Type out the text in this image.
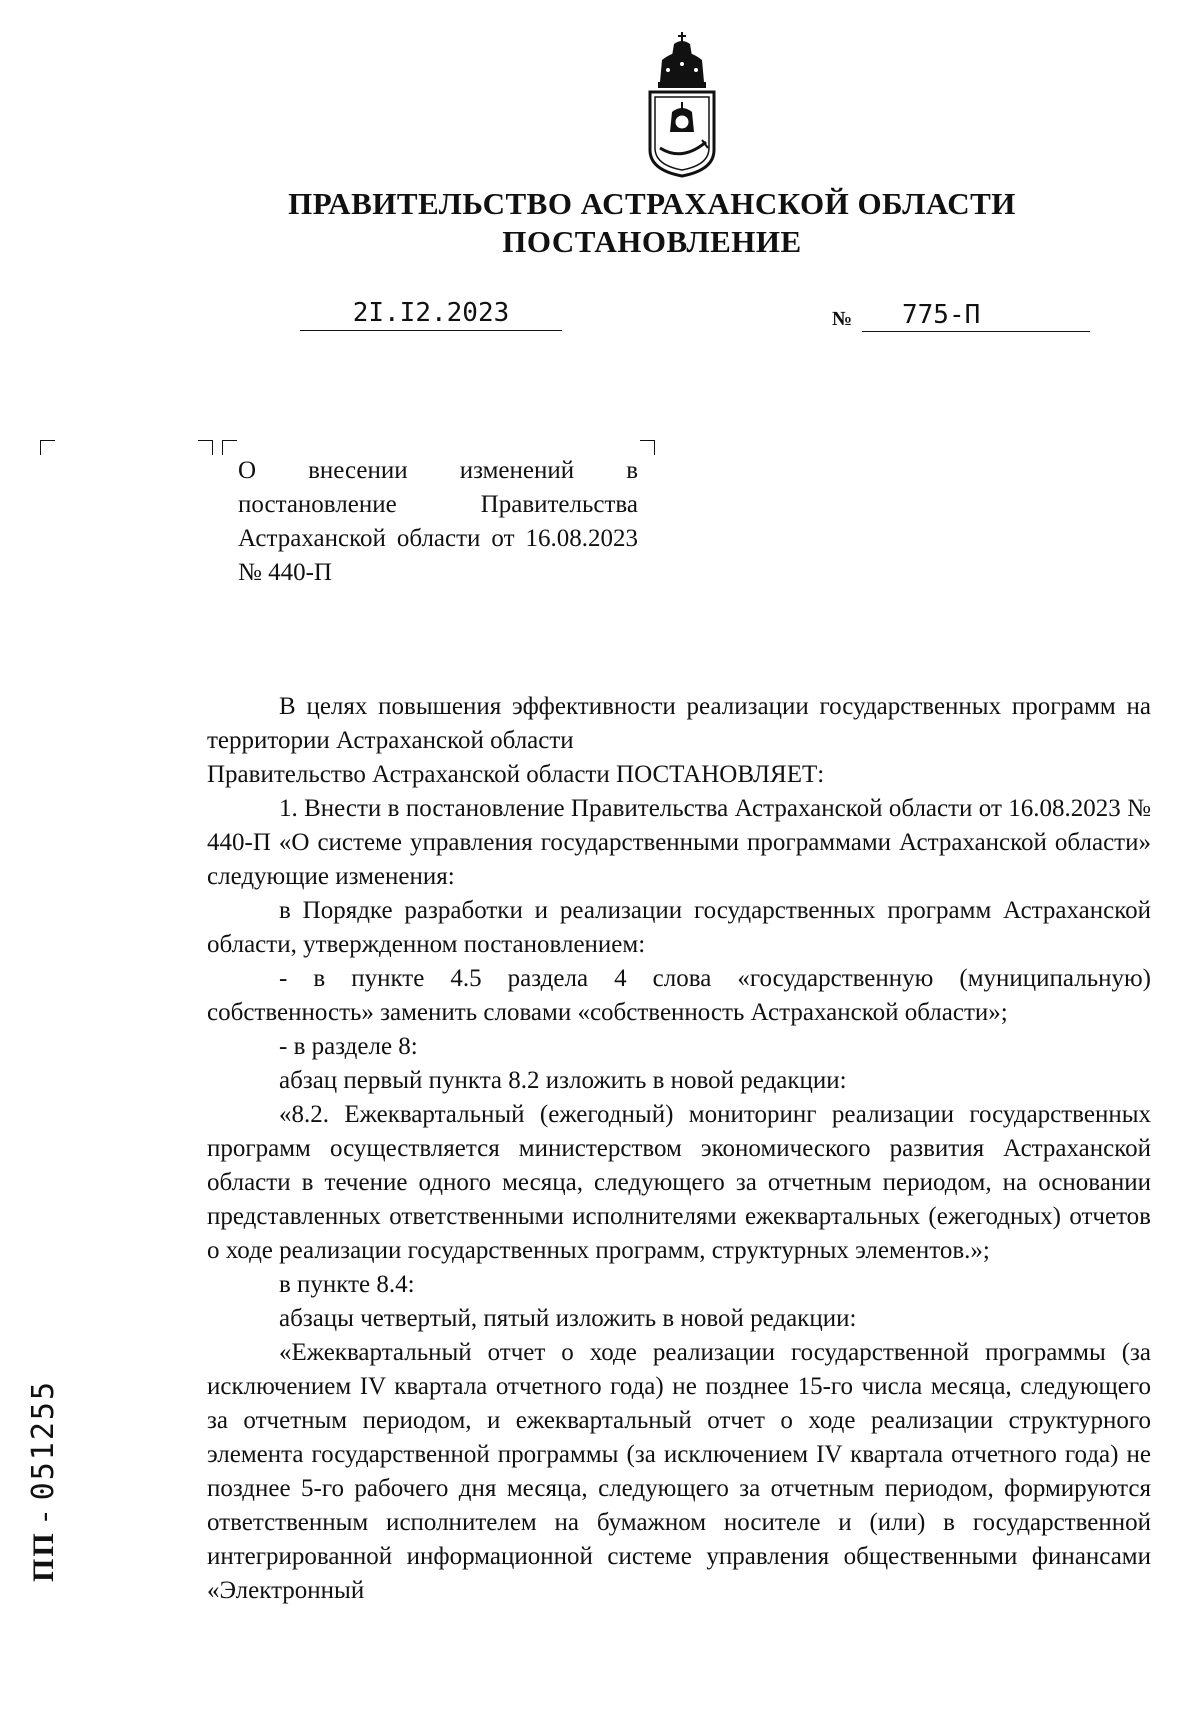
ПРАВИТЕЛЬСТВО АСТРАХАНСКОЙ ОБЛАСТИ
ПОСТАНОВЛЕНИЕ
2I.I2.2023	№	775-П

О внесении изменений в постановление Правительства Астраханской области от 16.08.2023 № 440-П

В целях повышения эффективности реализации государственных программ на территории Астраханской области

Правительство Астраханской области ПОСТАНОВЛЯЕТ:

1. Внести в постановление Правительства Астраханской области от 16.08.2023 № 440-П «О системе управления государственными программами Астраханской области» следующие изменения:

в Порядке разработки и реализации государственных программ Астраханской области, утвержденном постановлением:

- в пункте 4.5 раздела 4 слова «государственную (муниципальную) собственность» заменить словами «собственность Астраханской области»;

- в разделе 8:

абзац первый пункта 8.2 изложить в новой редакции:

«8.2. Ежеквартальный (ежегодный) мониторинг реализации государственных программ осуществляется министерством экономического развития Астраханской области в течение одного месяца, следующего за отчетным периодом, на основании представленных ответственными исполнителями ежеквартальных (ежегодных) отчетов о ходе реализации государственных программ, структурных элементов.»;

в пункте 8.4:

абзацы четвертый, пятый изложить в новой редакции:

«Ежеквартальный отчет о ходе реализации государственной программы (за исключением IV квартала отчетного года) не позднее 15-го числа месяца, следующего за отчетным периодом, и ежеквартальный отчет о ходе реализации структурного элемента государственной программы (за исключением IV квартала отчетного года) не позднее 5-го рабочего дня месяца, следующего за отчетным периодом, формируются ответственным исполнителем на бумажном носителе и (или) в государственной интегрированной информационной системе управления общественными финансами «Электронный

ПП - 051255
